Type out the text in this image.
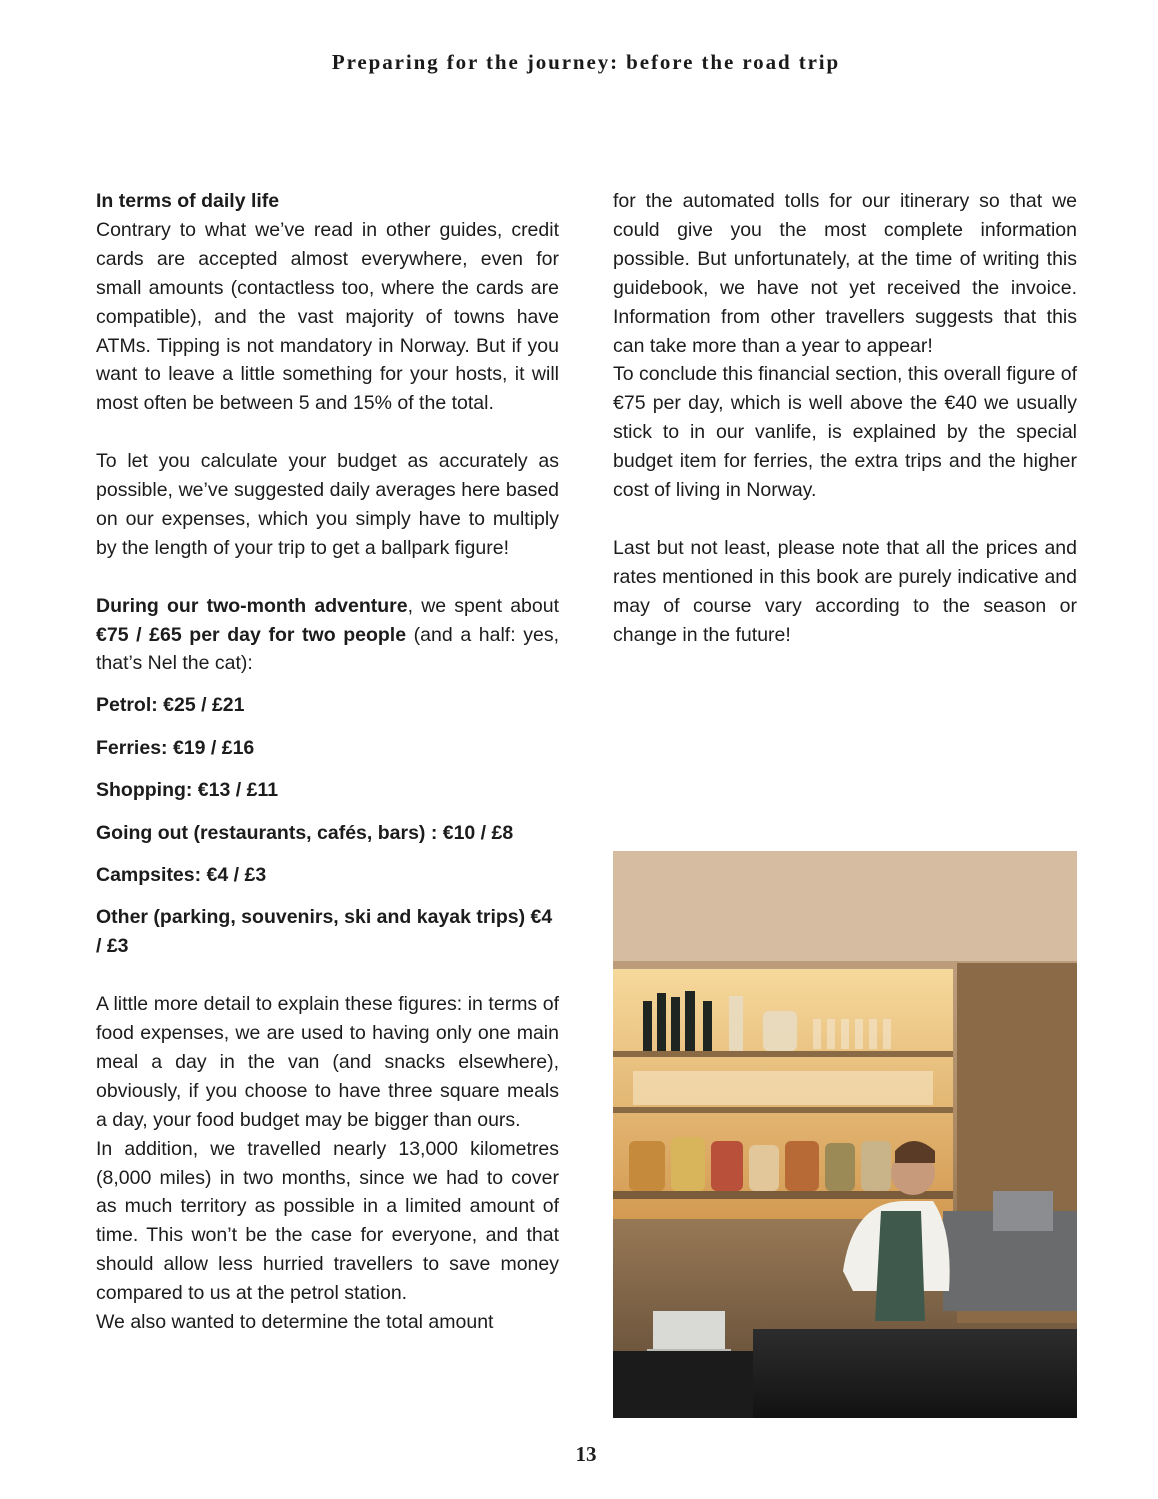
Preparing for the journey: before the road trip

In terms of daily life

Contrary to what we’ve read in other guides, credit cards are accepted almost everywhere, even for small amounts (contactless too, where the cards are compatible), and the vast majority of towns have ATMs. Tipping is not mandatory in Norway. But if you want to leave a little something for your hosts, it will most often be between 5 and 15% of the total.

To let you calculate your budget as accurately as possible, we’ve suggested daily averages here based on our expenses, which you simply have to multiply by the length of your trip to get a ballpark figure!

During our two-month adventure, we spent about €75 / £65 per day for two people (and a half: yes, that’s Nel the cat):

Petrol: €25 / £21

Ferries: €19 / £16

Shopping: €13 / £11

Going out (restaurants, cafés, bars) : €10 / £8

Campsites: €4 / £3

Other (parking, souvenirs, ski and kayak trips) €4 / £3

A little more detail to explain these figures: in terms of food expenses, we are used to having only one main meal a day in the van (and snacks elsewhere), obviously, if you choose to have three square meals a day, your food budget may be bigger than ours.

In addition, we travelled nearly 13,000 kilometres (8,000 miles) in two months, since we had to cover as much territory as possible in a limited amount of time. This won’t be the case for everyone, and that should allow less hurried travellers to save money compared to us at the petrol station.

We also wanted to determine the total amount

for the automated tolls for our itinerary so that we could give you the most complete information possible. But unfortunately, at the time of writing this guidebook, we have not yet received the invoice. Information from other travellers suggests that this can take more than a year to appear!

To conclude this financial section, this overall figure of €75 per day, which is well above the €40 we usually stick to in our vanlife, is explained by the special budget item for ferries, the extra trips and the higher cost of living in Norway.

Last but not least, please note that all the prices and rates mentioned in this book are purely indicative and may of course vary according to the season or change in the future!

13
